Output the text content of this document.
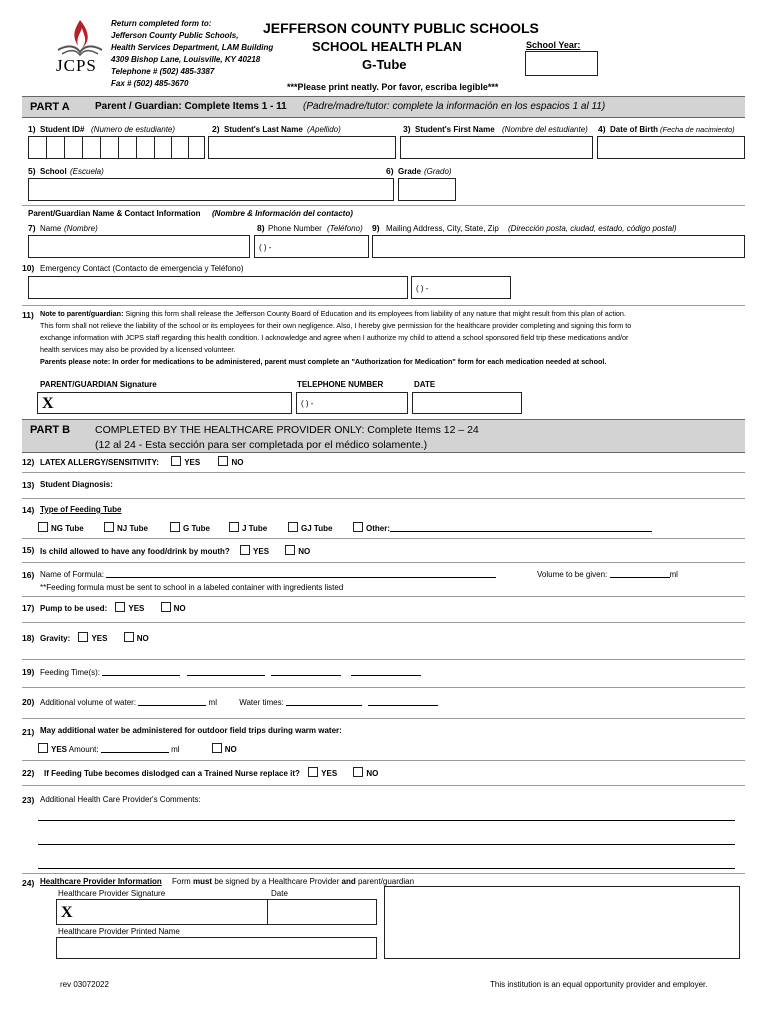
JCPS
Return completed form to:
Jefferson County Public Schools,
Health Services Department, LAM Building
4309 Bishop Lane, Louisville, KY 40218
Telephone # (502) 485-3387
Fax # (502) 485-3670
JEFFERSON COUNTY PUBLIC SCHOOLS
SCHOOL HEALTH PLAN
G-Tube
***Please print neatly. Por favor, escriba legible***
School Year:
PART A	Parent / Guardian: Complete Items 1 - 11 (Padre/madre/tutor: complete la información en los espacios 1 al 11)
1) Student ID# (Numero de estudiante)	2) Student's Last Name (Apellido)	3) Student's First Name (Nombre del estudiante) 4) Date of Birth (Fecha de nacimiento)
5) School (Escuela)	6) Grade (Grado)
Parent/Guardian Name & Contact Information (Nombre & Información del contacto)
7) Name (Nombre)	8) Phone Number (Teléfono) 9) Mailing Address, City, State, Zip (Dirección posta, ciudad, estado, código postal)
( ) -
10) Emergency Contact (Contacto de emergencia y Teléfono)
( ) -
11) Note to parent/guardian: Signing this form shall release the Jefferson County Board of Education and its employees from liability of any nature that might result from this plan of action.
This form shall not relieve the liability of the school or its employees for their own negligence. Also, I hereby give permission for the healthcare provider completing and signing this form to
exchange information with JCPS staff regarding this health condition. I acknowledge and agree when I authorize my child to attend a school sponsored field trip these medications and/or
health services may also be provided by a licensed volunteer.
Parents please note: In order for medications to be administered, parent must complete an "Authorization for Medication" form for each medication needed at school.
PARENT/GUARDIAN Signature	TELEPHONE NUMBER	DATE
X	( ) -
PART B COMPLETED BY THE HEALTHCARE PROVIDER ONLY: Complete Items 12 – 24
(12 al 24 - Esta sección para ser completada por el médico solamente.)
12) LATEX ALLERGY/SENSITIVITY:	YES	NO
13) Student Diagnosis:
14) Type of Feeding Tube
NG Tube	NJ Tube	G Tube	J Tube	GJ Tube	Other:
15) Is child allowed to have any food/drink by mouth?	YES	NO
16) Name of Formula:	Volume to be given:	ml
**Feeding formula must be sent to school in a labeled container with ingredients listed
17) Pump to be used:	YES	NO
18) Gravity:	YES	NO
19) Feeding Time(s):
20) Additional volume of water:	ml	Water times:
21) May additional water be administered for outdoor field trips during warm water:
YES Amount:	ml	NO
22) If Feeding Tube becomes dislodged can a Trained Nurse replace it?	YES	NO
23) Additional Health Care Provider's Comments:
24) Healthcare Provider Information Form must be signed by a Healthcare Provider and parent/guardian
Healthcare Provider Signature	Date
X
Healthcare Provider Printed Name
rev 03072022	This institution is an equal opportunity provider and employer.
